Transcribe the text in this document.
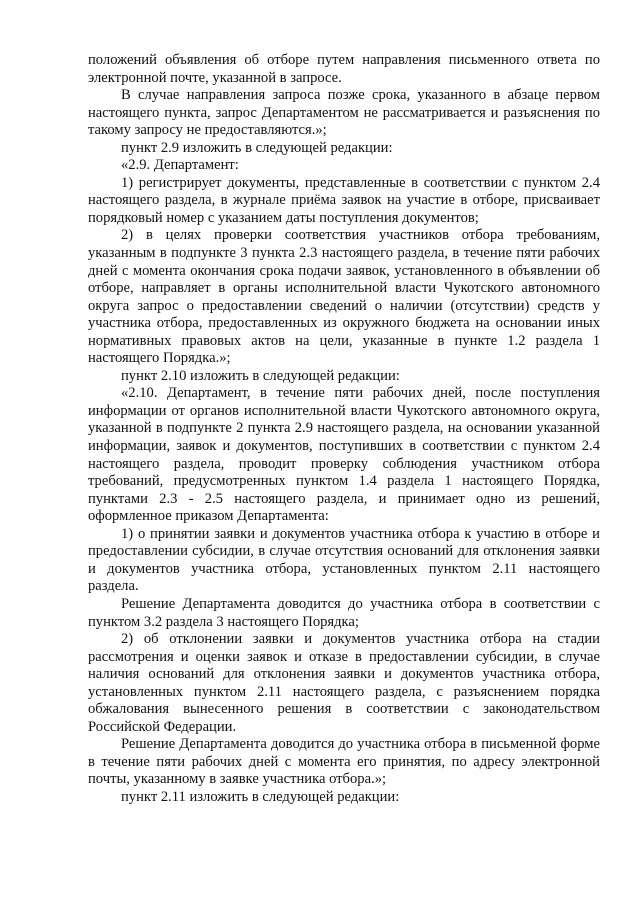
положений объявления об отборе путем направления письменного ответа по электронной почте, указанной в запросе.

В случае направления запроса позже срока, указанного в абзаце первом настоящего пункта, запрос Департаментом не рассматривается и разъяснения по такому запросу не предоставляются.»;

пункт 2.9 изложить в следующей редакции:

«2.9. Департамент:

1) регистрирует документы, представленные в соответствии с пунктом 2.4 настоящего раздела, в журнале приёма заявок на участие в отборе, присваивает порядковый номер с указанием даты поступления документов;

2) в целях проверки соответствия участников отбора требованиям, указанным в подпункте 3 пункта 2.3 настоящего раздела, в течение пяти рабочих дней с момента окончания срока подачи заявок, установленного в объявлении об отборе, направляет в органы исполнительной власти Чукотского автономного округа запрос о предоставлении сведений о наличии (отсутствии) средств у участника отбора, предоставленных из окружного бюджета на основании иных нормативных правовых актов на цели, указанные в пункте 1.2 раздела 1 настоящего Порядка.»;

пункт 2.10 изложить в следующей редакции:

«2.10. Департамент, в течение пяти рабочих дней, после поступления информации от органов исполнительной власти Чукотского автономного округа, указанной в подпункте 2 пункта 2.9 настоящего раздела, на основании указанной информации, заявок и документов, поступивших в соответствии с пунктом 2.4 настоящего раздела, проводит проверку соблюдения участником отбора требований, предусмотренных пунктом 1.4 раздела 1 настоящего Порядка, пунктами 2.3 - 2.5 настоящего раздела, и принимает одно из решений, оформленное приказом Департамента:

1) о принятии заявки и документов участника отбора к участию в отборе и предоставлении субсидии, в случае отсутствия оснований для отклонения заявки и документов участника отбора, установленных пунктом 2.11 настоящего раздела.

Решение Департамента доводится до участника отбора в соответствии с пунктом 3.2 раздела 3 настоящего Порядка;

2) об отклонении заявки и документов участника отбора на стадии рассмотрения и оценки заявок и отказе в предоставлении субсидии, в случае наличия оснований для отклонения заявки и документов участника отбора, установленных пунктом 2.11 настоящего раздела, с разъяснением порядка обжалования вынесенного решения в соответствии с законодательством Российской Федерации.

Решение Департамента доводится до участника отбора в письменной форме в течение пяти рабочих дней с момента его принятия, по адресу электронной почты, указанному в заявке участника отбора.»;

пункт 2.11 изложить в следующей редакции:
